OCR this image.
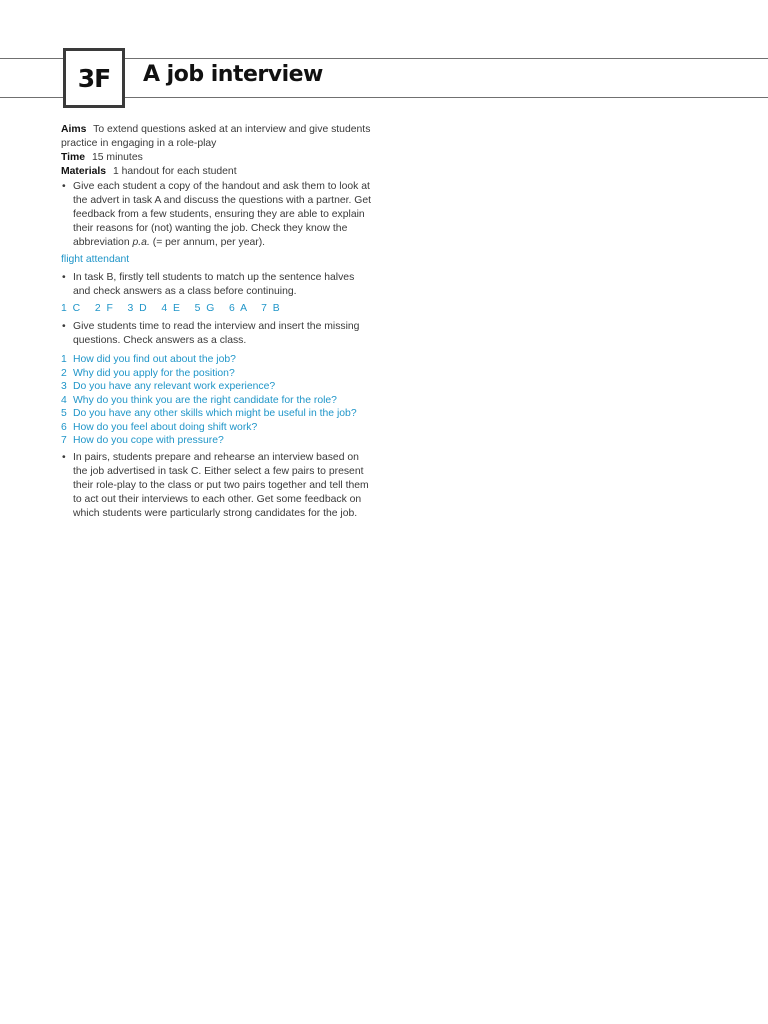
3F	A job interview

Aims To extend questions asked at an interview and give students practice in engaging in a role-play

Time 15 minutes

Materials 1 handout for each student

• Give each student a copy of the handout and ask them to look at the advert in task A and discuss the questions with a partner. Get feedback from a few students, ensuring they are able to explain their reasons for (not) wanting the job. Check they know the abbreviation p.a. (= per annum, per year).

flight attendant

• In task B, firstly tell students to match up the sentence halves and check answers as a class before continuing.

1 C   2 F   3 D   4 E   5 G   6 A   7 B

• Give students time to read the interview and insert the missing questions. Check answers as a class.

1 How did you find out about the job?
2 Why did you apply for the position?
3 Do you have any relevant work experience?
4 Why do you think you are the right candidate for the role?
5 Do you have any other skills which might be useful in the job?
6 How do you feel about doing shift work?
7 How do you cope with pressure?

• In pairs, students prepare and rehearse an interview based on the job advertised in task C. Either select a few pairs to present their role-play to the class or put two pairs together and tell them to act out their interviews to each other. Get some feedback on which students were particularly strong candidates for the job.
